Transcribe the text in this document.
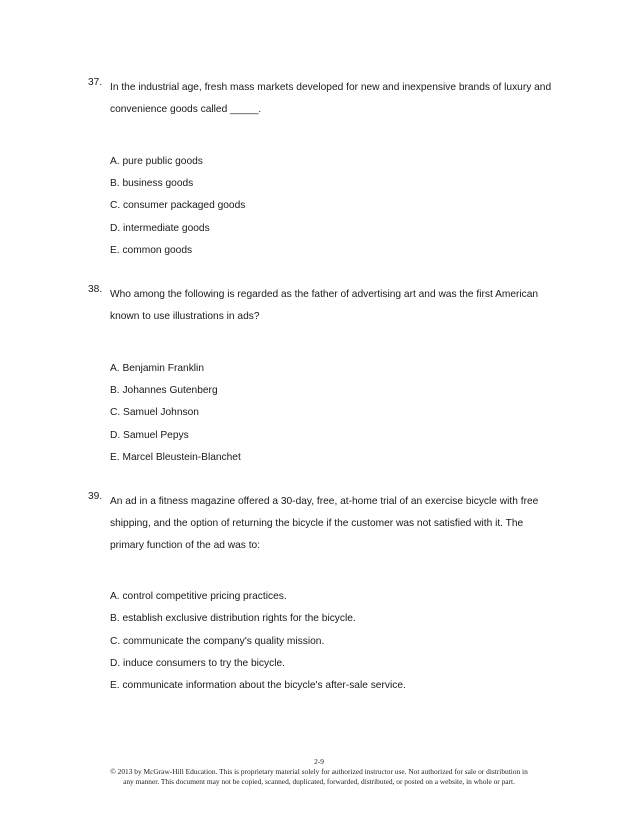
37. In the industrial age, fresh mass markets developed for new and inexpensive brands of luxury and
convenience goods called _____.
A. pure public goods
B. business goods
C. consumer packaged goods
D. intermediate goods
E. common goods
38. Who among the following is regarded as the father of advertising art and was the first American
known to use illustrations in ads?
A. Benjamin Franklin
B. Johannes Gutenberg
C. Samuel Johnson
D. Samuel Pepys
E. Marcel Bleustein-Blanchet
39. An ad in a fitness magazine offered a 30-day, free, at-home trial of an exercise bicycle with free
shipping, and the option of returning the bicycle if the customer was not satisfied with it. The
primary function of the ad was to:
A. control competitive pricing practices.
B. establish exclusive distribution rights for the bicycle.
C. communicate the company's quality mission.
D. induce consumers to try the bicycle.
E. communicate information about the bicycle's after-sale service.
2-9
© 2013 by McGraw-Hill Education. This is proprietary material solely for authorized instructor use. Not authorized for sale or distribution in
any manner. This document may not be copied, scanned, duplicated, forwarded, distributed, or posted on a website, in whole or part.
